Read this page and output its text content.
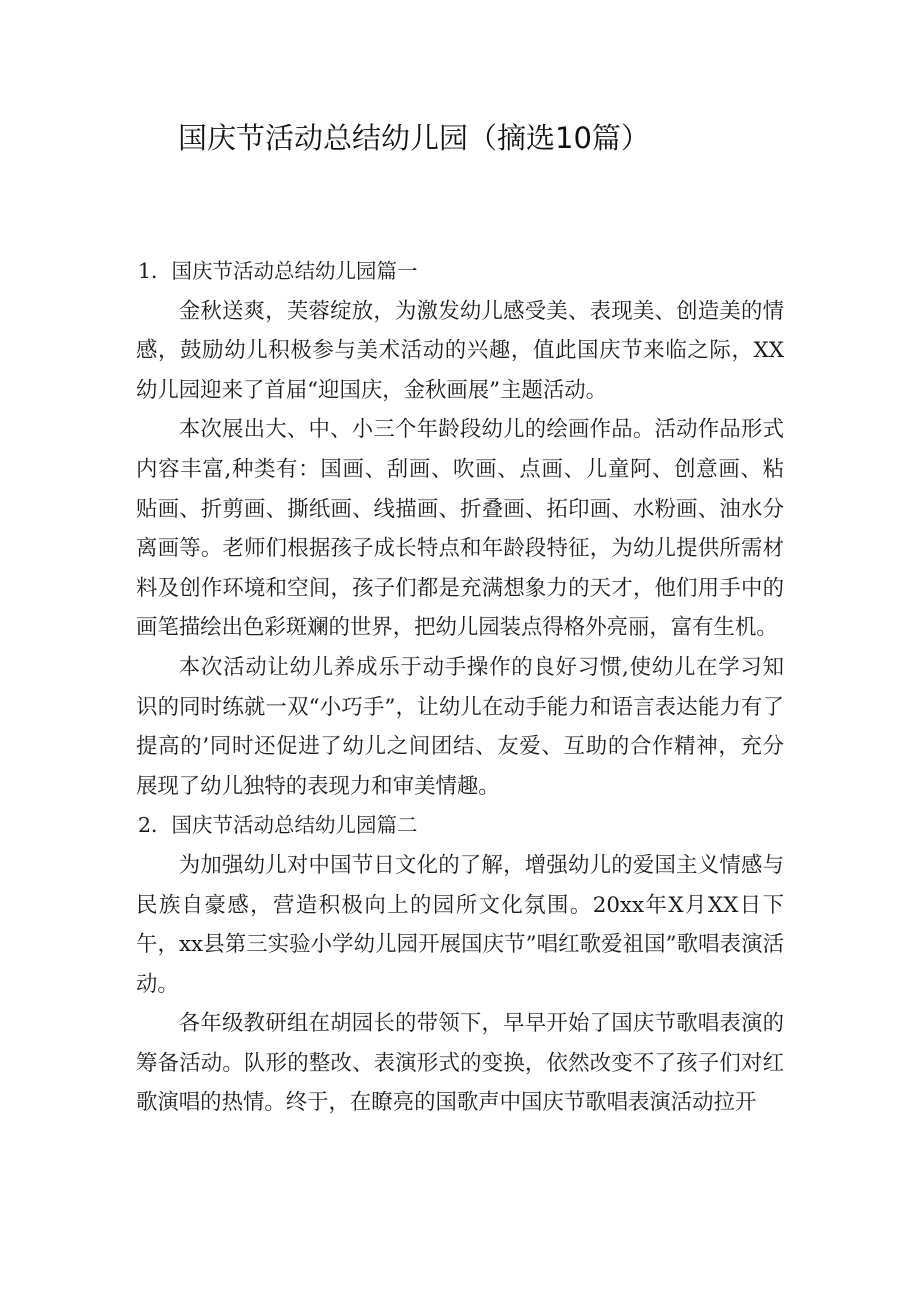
国庆节活动总结幼儿园（摘选10篇）

1．国庆节活动总结幼儿园篇一

金秋送爽，芙蓉绽放，为激发幼儿感受美、表现美、创造美的情感，鼓励幼儿积极参与美术活动的兴趣，值此国庆节来临之际，XX幼儿园迎来了首届“迎国庆，金秋画展”主题活动。

本次展出大、中、小三个年龄段幼儿的绘画作品。活动作品形式内容丰富,种类有：国画、刮画、吹画、点画、儿童阿、创意画、粘贴画、折剪画、撕纸画、线描画、折叠画、拓印画、水粉画、油水分离画等。老师们根据孩子成长特点和年龄段特征，为幼儿提供所需材料及创作环境和空间，孩子们都是充满想象力的天才，他们用手中的画笔描绘出色彩斑斓的世界，把幼儿园装点得格外亮丽，富有生机。

本次活动让幼儿养成乐于动手操作的良好习惯,使幼儿在学习知识的同时练就一双“小巧手”，让幼儿在动手能力和语言表达能力有了提高的’同时还促进了幼儿之间团结、友爱、互助的合作精神，充分展现了幼儿独特的表现力和审美情趣。

2．国庆节活动总结幼儿园篇二

为加强幼儿对中国节日文化的了解，增强幼儿的爱国主义情感与民族自豪感，营造积极向上的园所文化氛围。20xx年X月XX日下午，xx县第三实验小学幼儿园开展国庆节”唱红歌爱祖国”歌唱表演活动。

各年级教研组在胡园长的带领下，早早开始了国庆节歌唱表演的筹备活动。队形的整改、表演形式的变换，依然改变不了孩子们对红歌演唱的热情。终于，在瞭亮的国歌声中国庆节歌唱表演活动拉开
